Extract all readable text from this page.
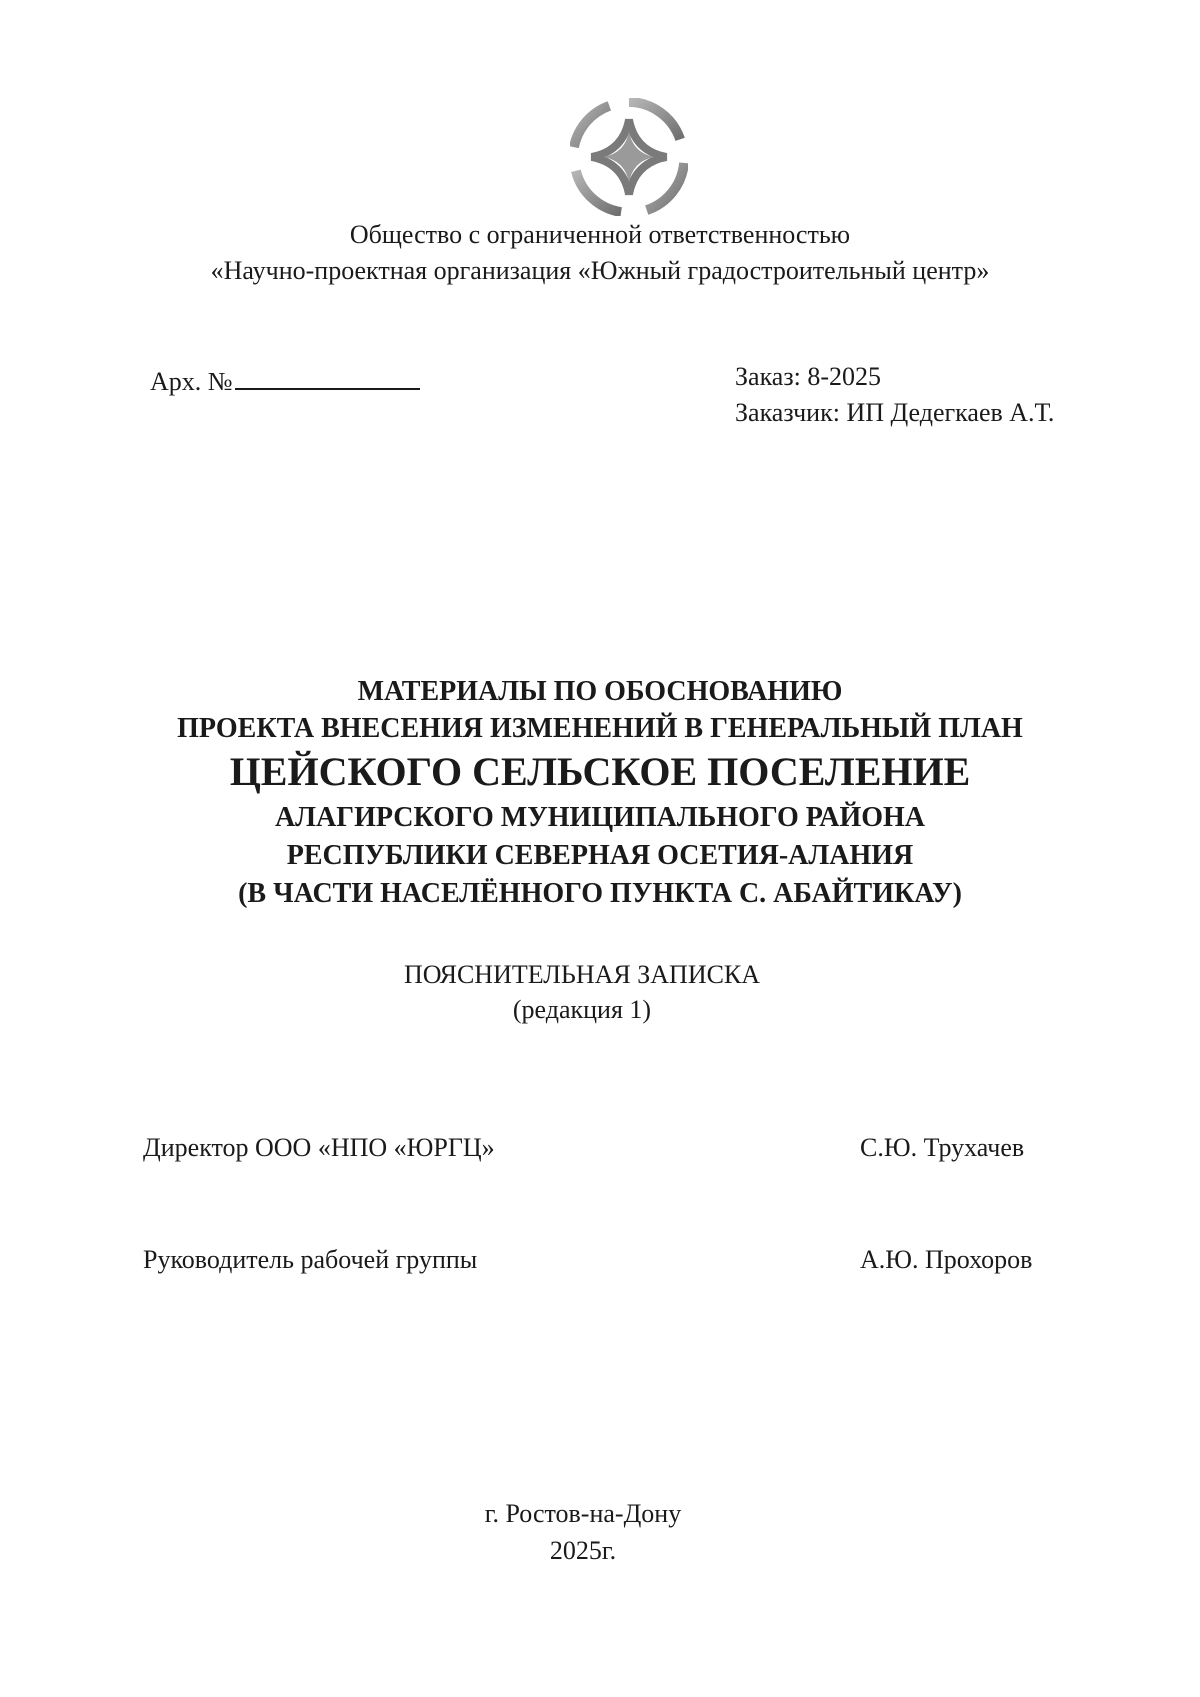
Общество с ограниченной ответственностью
«Научно-проектная организация «Южный градостроительный центр»
Арх. №	Заказ: 8-2025
Заказчик: ИП Дедегкаев А.Т.
МАТЕРИАЛЫ ПО ОБОСНОВАНИЮ
ПРОЕКТА ВНЕСЕНИЯ ИЗМЕНЕНИЙ В ГЕНЕРАЛЬНЫЙ ПЛАН
ЦЕЙСКОГО СЕЛЬСКОЕ ПОСЕЛЕНИЕ
АЛАГИРСКОГО МУНИЦИПАЛЬНОГО РАЙОНА
РЕСПУБЛИКИ СЕВЕРНАЯ ОСЕТИЯ-АЛАНИЯ
(В ЧАСТИ НАСЕЛЁННОГО ПУНКТА С. АБАЙТИКАУ)
ПОЯСНИТЕЛЬНАЯ ЗАПИСКА
(редакция 1)
Директор ООО «НПО «ЮРГЦ»	С.Ю. Трухачев
Руководитель рабочей группы	А.Ю. Прохоров
г. Ростов-на-Дону
2025г.
